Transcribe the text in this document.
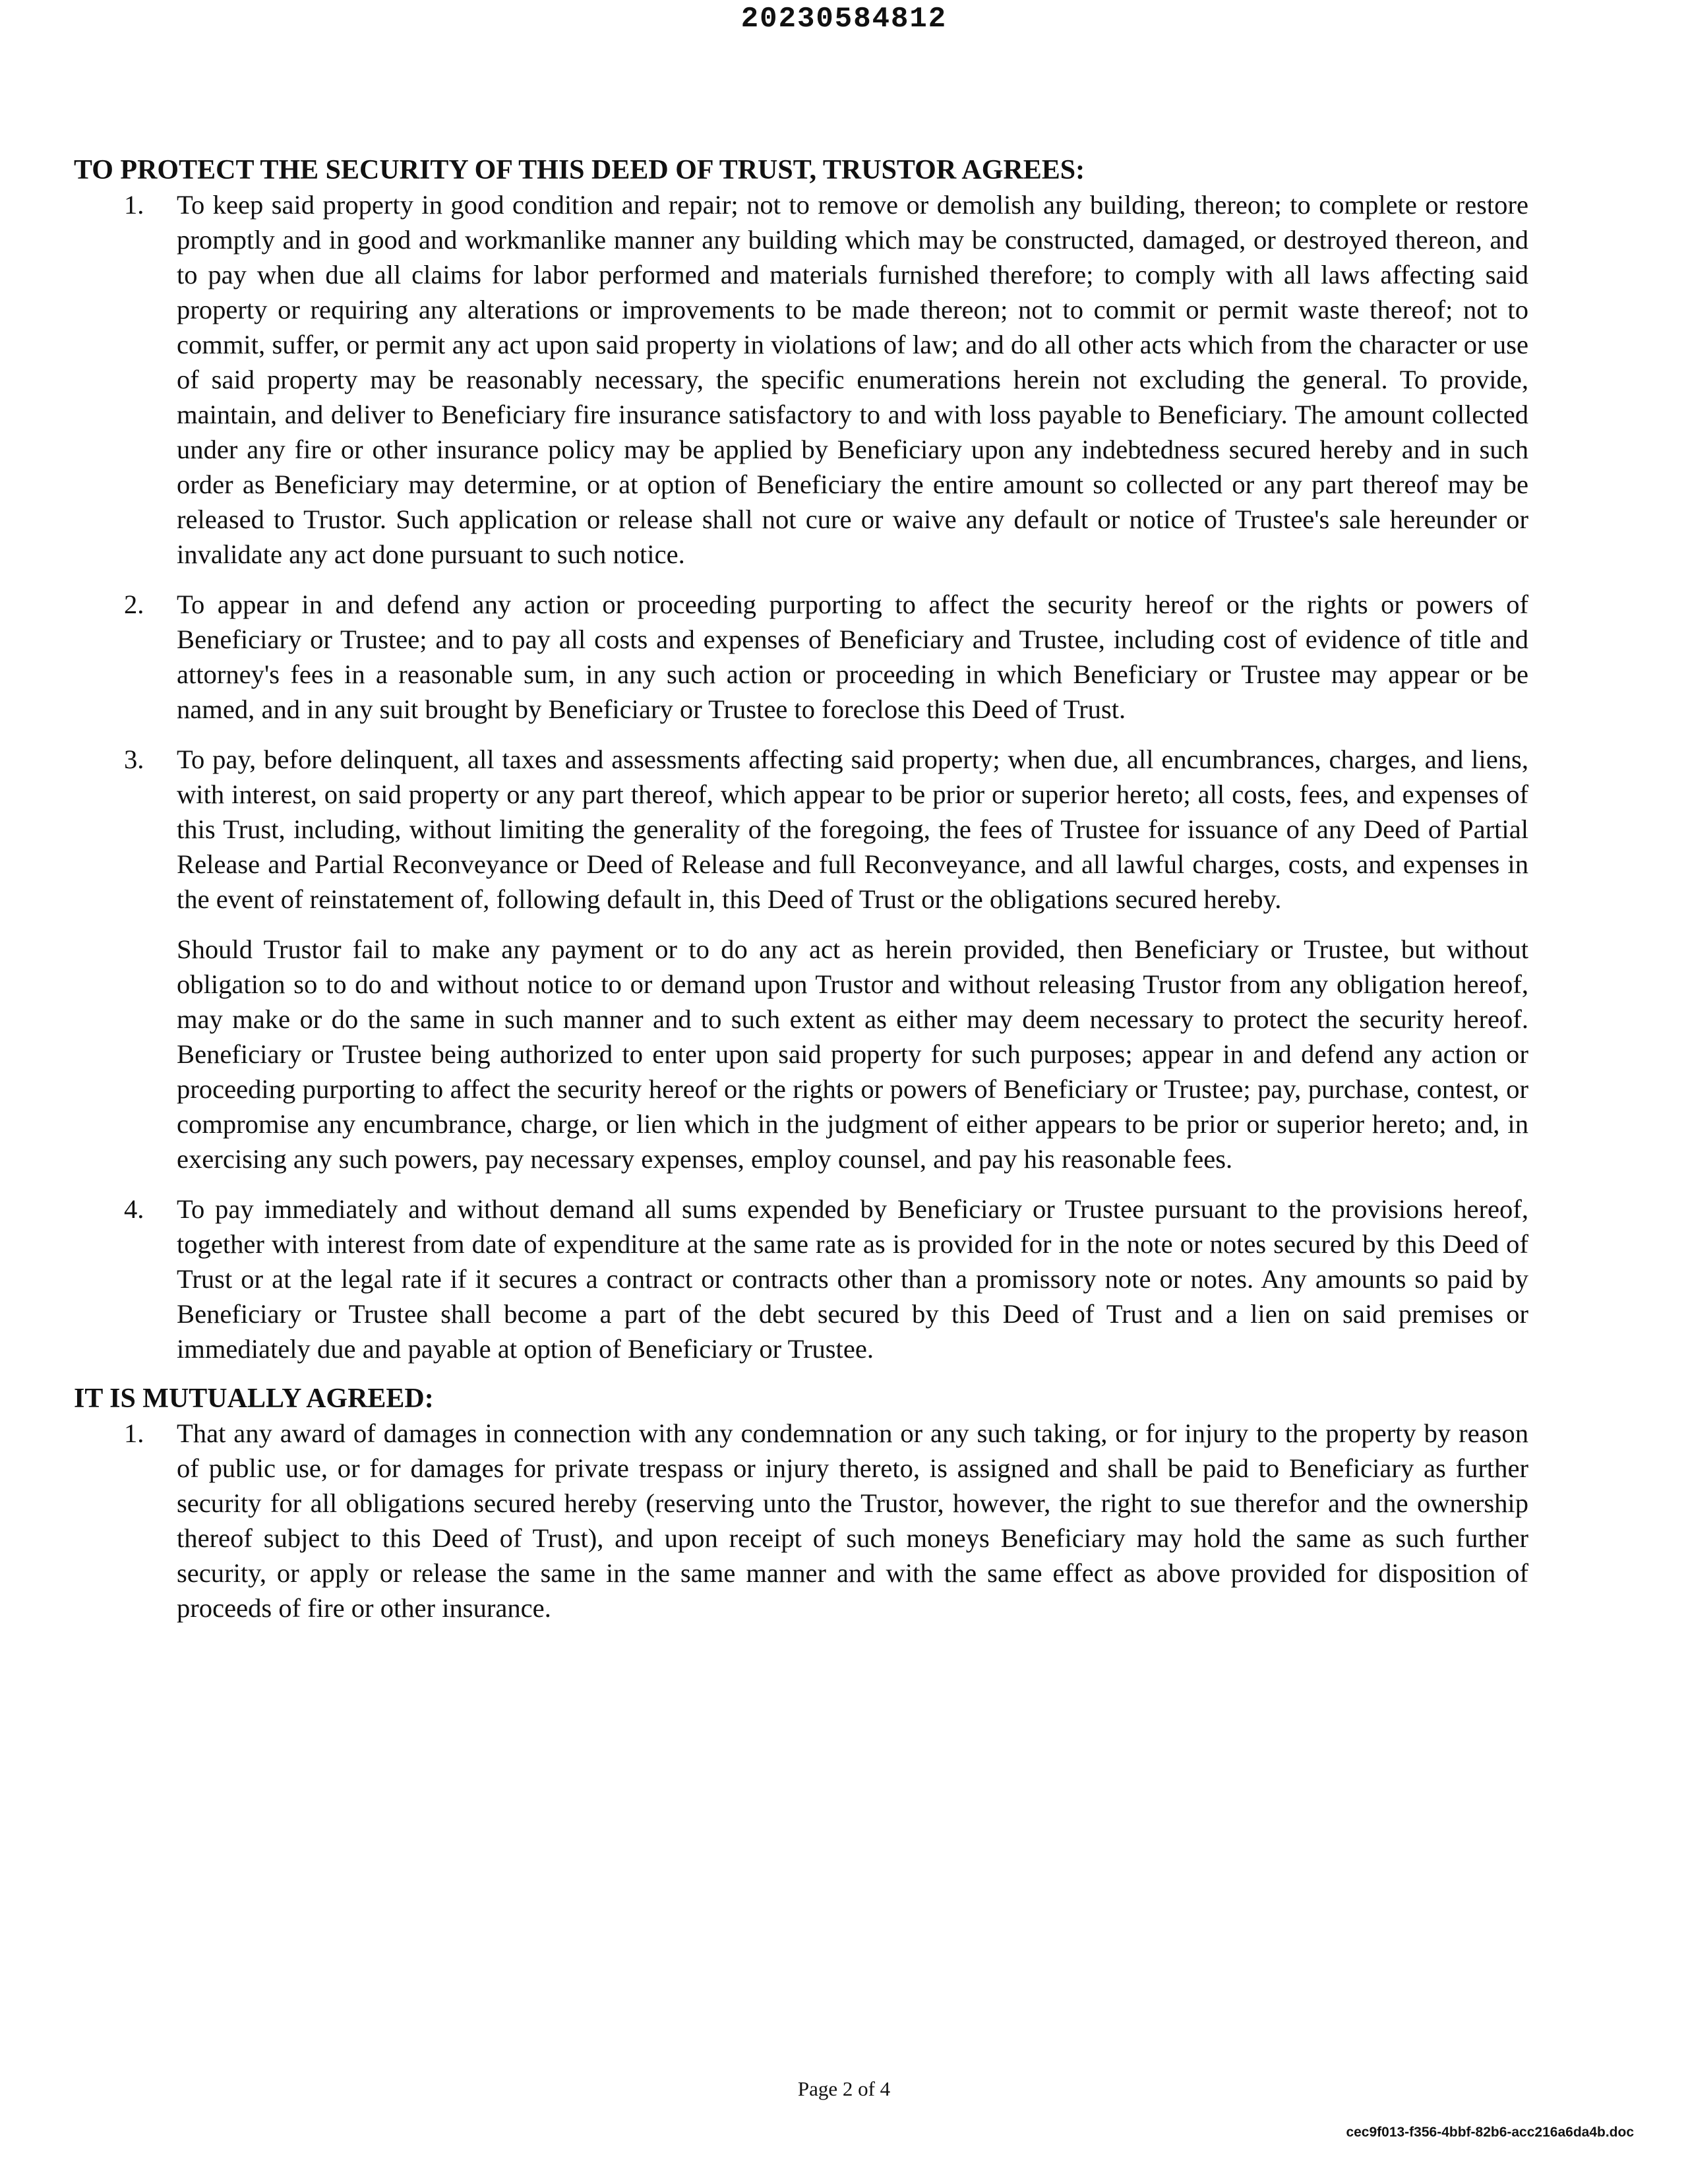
20230584812
TO PROTECT THE SECURITY OF THIS DEED OF TRUST, TRUSTOR AGREES:
1. To keep said property in good condition and repair; not to remove or demolish any building, thereon; to complete or restore promptly and in good and workmanlike manner any building which may be constructed, damaged, or destroyed thereon, and to pay when due all claims for labor performed and materials furnished therefore; to comply with all laws affecting said property or requiring any alterations or improvements to be made thereon; not to commit or permit waste thereof; not to commit, suffer, or permit any act upon said property in violations of law; and do all other acts which from the character or use of said property may be reasonably necessary, the specific enumerations herein not excluding the general. To provide, maintain, and deliver to Beneficiary fire insurance satisfactory to and with loss payable to Beneficiary. The amount collected under any fire or other insurance policy may be applied by Beneficiary upon any indebtedness secured hereby and in such order as Beneficiary may determine, or at option of Beneficiary the entire amount so collected or any part thereof may be released to Trustor. Such application or release shall not cure or waive any default or notice of Trustee's sale hereunder or invalidate any act done pursuant to such notice.

2. To appear in and defend any action or proceeding purporting to affect the security hereof or the rights or powers of Beneficiary or Trustee; and to pay all costs and expenses of Beneficiary and Trustee, including cost of evidence of title and attorney's fees in a reasonable sum, in any such action or proceeding in which Beneficiary or Trustee may appear or be named, and in any suit brought by Beneficiary or Trustee to foreclose this Deed of Trust.

3. To pay, before delinquent, all taxes and assessments affecting said property; when due, all encumbrances, charges, and liens, with interest, on said property or any part thereof, which appear to be prior or superior hereto; all costs, fees, and expenses of this Trust, including, without limiting the generality of the foregoing, the fees of Trustee for issuance of any Deed of Partial Release and Partial Reconveyance or Deed of Release and full Reconveyance, and all lawful charges, costs, and expenses in the event of reinstatement of, following default in, this Deed of Trust or the obligations secured hereby.

Should Trustor fail to make any payment or to do any act as herein provided, then Beneficiary or Trustee, but without obligation so to do and without notice to or demand upon Trustor and without releasing Trustor from any obligation hereof, may make or do the same in such manner and to such extent as either may deem necessary to protect the security hereof. Beneficiary or Trustee being authorized to enter upon said property for such purposes; appear in and defend any action or proceeding purporting to affect the security hereof or the rights or powers of Beneficiary or Trustee; pay, purchase, contest, or compromise any encumbrance, charge, or lien which in the judgment of either appears to be prior or superior hereto; and, in exercising any such powers, pay necessary expenses, employ counsel, and pay his reasonable fees.

4. To pay immediately and without demand all sums expended by Beneficiary or Trustee pursuant to the provisions hereof, together with interest from date of expenditure at the same rate as is provided for in the note or notes secured by this Deed of Trust or at the legal rate if it secures a contract or contracts other than a promissory note or notes. Any amounts so paid by Beneficiary or Trustee shall become a part of the debt secured by this Deed of Trust and a lien on said premises or immediately due and payable at option of Beneficiary or Trustee.

IT IS MUTUALLY AGREED:
1. That any award of damages in connection with any condemnation or any such taking, or for injury to the property by reason of public use, or for damages for private trespass or injury thereto, is assigned and shall be paid to Beneficiary as further security for all obligations secured hereby (reserving unto the Trustor, however, the right to sue therefor and the ownership thereof subject to this Deed of Trust), and upon receipt of such moneys Beneficiary may hold the same as such further security, or apply or release the same in the same manner and with the same effect as above provided for disposition of proceeds of fire or other insurance.

Page 2 of 4
cec9f013-f356-4bbf-82b6-acc216a6da4b.doc
